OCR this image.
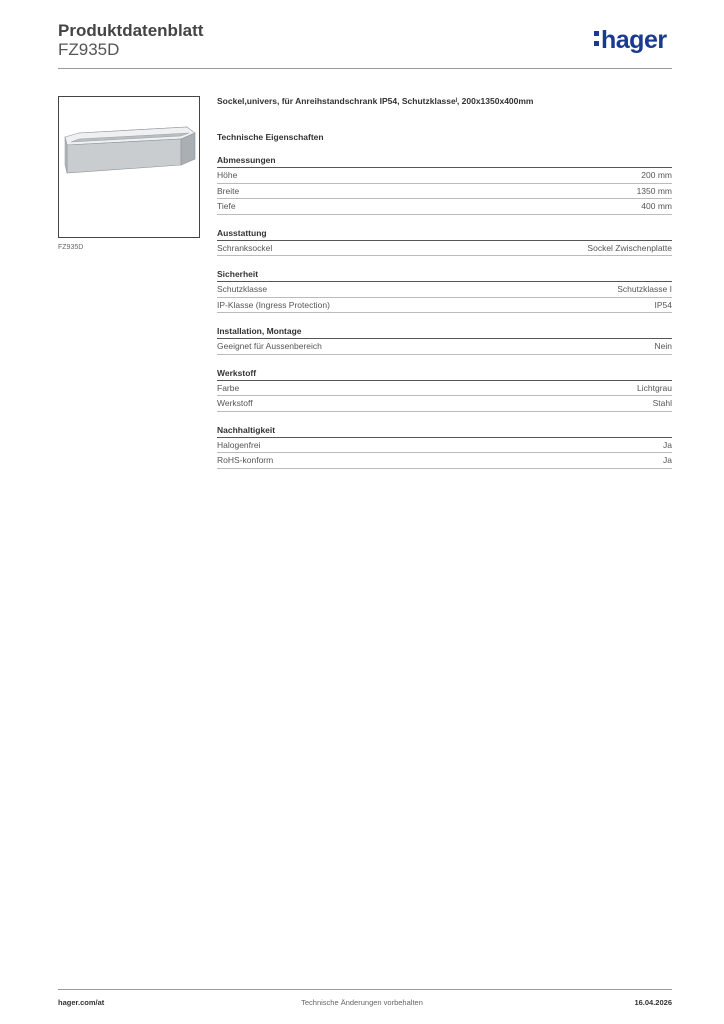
Produktdatenblatt
FZ935D	hager
FZ935D

Sockel,univers, für Anreihstandschrank IP54, Schutzklasseˡ, 200x1350x400mm

Technische Eigenschaften
Abmessungen
Höhe	200 mm
Breite	1350 mm
Tiefe	400 mm
Ausstattung
Schranksockel	Sockel Zwischenplatte
Sicherheit
Schutzklasse	Schutzklasse I
IP-Klasse (Ingress Protection)	IP54
Installation, Montage
Geeignet für Aussenbereich	Nein
Werkstoff
Farbe	Lichtgrau
Werkstoff	Stahl
Nachhaltigkeit
Halogenfrei	Ja
RoHS-konform	Ja
hager.com/at	Technische Änderungen vorbehalten	16.04.2026
